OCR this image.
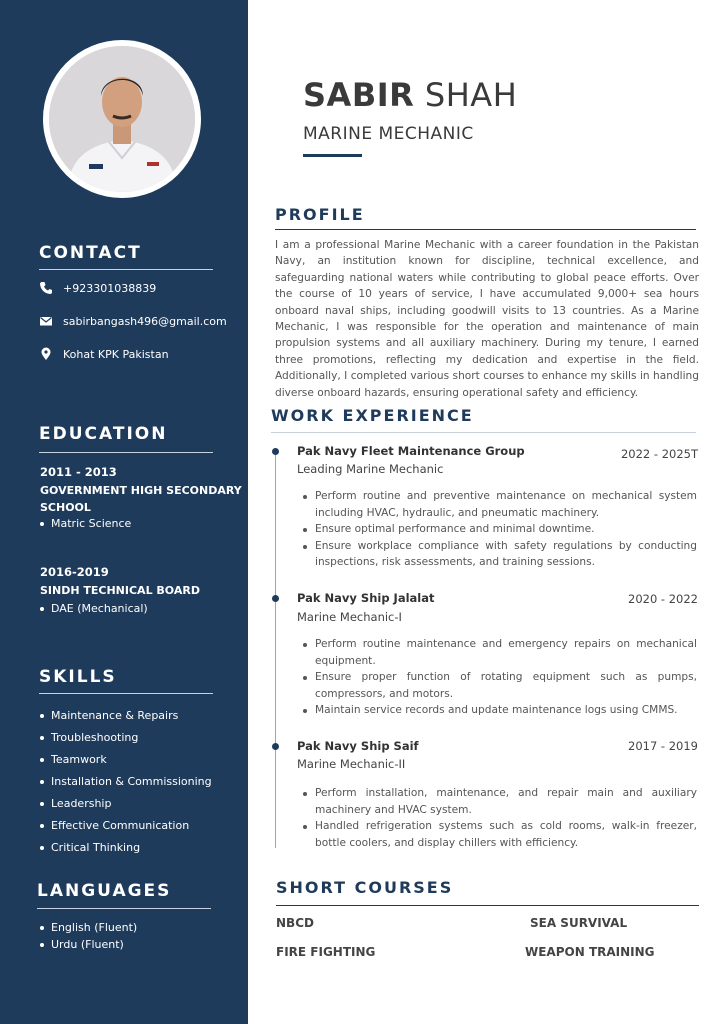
CONTACT
+923301038839
sabirbangash496@gmail.com
Kohat KPK Pakistan
EDUCATION
2011 - 2013
GOVERNMENT HIGH SECONDARY SCHOOL
Matric Science
2016-2019
SINDH TECHNICAL BOARD
DAE (Mechanical)
SKILLS
Maintenance & Repairs
Troubleshooting
Teamwork
Installation & Commissioning
Leadership
Effective Communication
Critical Thinking
LANGUAGES
English (Fluent)
Urdu (Fluent)
SABIR SHAH
MARINE MECHANIC
PROFILE

I am a professional Marine Mechanic with a career foundation in the Pakistan Navy, an institution known for discipline, technical excellence, and safeguarding national waters while contributing to global peace efforts. Over the course of 10 years of service, I have accumulated 9,000+ sea hours onboard naval ships, including goodwill visits to 13 countries. As a Marine Mechanic, I was responsible for the operation and maintenance of main propulsion systems and all auxiliary machinery. During my tenure, I earned three promotions, reflecting my dedication and expertise in the field. Additionally, I completed various short courses to enhance my skills in handling diverse onboard hazards, ensuring operational safety and efficiency.

WORK EXPERIENCE
Pak Navy Fleet Maintenance Group	2022 - 2025T
Leading Marine Mechanic
Perform routine and preventive maintenance on mechanical system including HVAC, hydraulic, and pneumatic machinery.
Ensure optimal performance and minimal downtime.
Ensure workplace compliance with safety regulations by conducting inspections, risk assessments, and training sessions.
Pak Navy Ship Jalalat	2020 - 2022
Marine Mechanic-I
Perform routine maintenance and emergency repairs on mechanical equipment.
Ensure proper function of rotating equipment such as pumps, compressors, and motors.
Maintain service records and update maintenance logs using CMMS.
Pak Navy Ship Saif	2017 - 2019
Marine Mechanic-II
Perform installation, maintenance, and repair main and auxiliary machinery and HVAC system.
Handled refrigeration systems such as cold rooms, walk-in freezer, bottle coolers, and display chillers with efficiency.
SHORT COURSES
NBCD	SEA SURVIVAL
FIRE FIGHTING	WEAPON TRAINING
